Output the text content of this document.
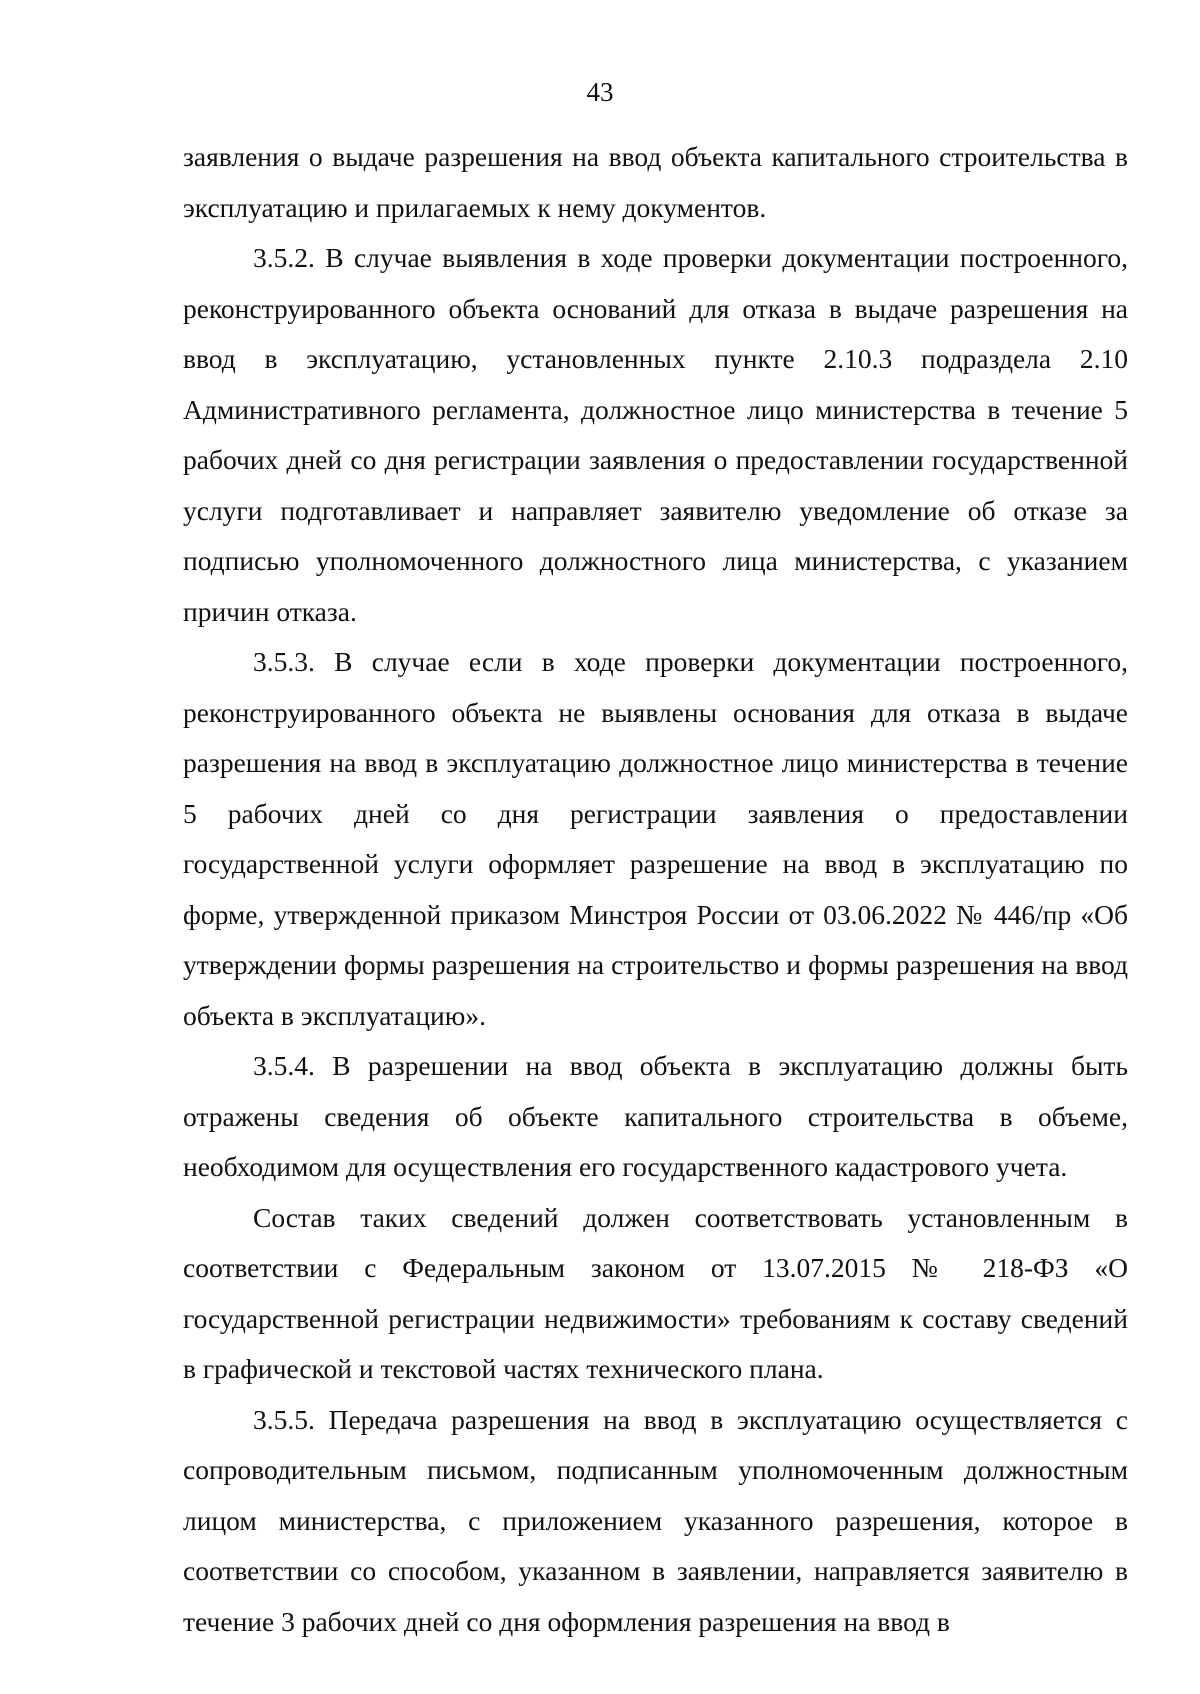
43

заявления о выдаче разрешения на ввод объекта капитального строительства в эксплуатацию и прилагаемых к нему документов.

3.5.2. В случае выявления в ходе проверки документации построенного, реконструированного объекта оснований для отказа в выдаче разрешения на ввод в эксплуатацию, установленных пункте 2.10.3 подраздела 2.10 Административного регламента, должностное лицо министерства в течение 5 рабочих дней со дня регистрации заявления о предоставлении государственной услуги подготавливает и направляет заявителю уведомление об отказе за подписью уполномоченного должностного лица министерства, с указанием причин отказа.

3.5.3. В случае если в ходе проверки документации построенного, реконструированного объекта не выявлены основания для отказа в выдаче разрешения на ввод в эксплуатацию должностное лицо министерства в течение 5 рабочих дней со дня регистрации заявления о предоставлении государственной услуги оформляет разрешение на ввод в эксплуатацию по форме, утвержденной приказом Минстроя России от 03.06.2022 № 446/пр «Об утверждении формы разрешения на строительство и формы разрешения на ввод объекта в эксплуатацию».

3.5.4. В разрешении на ввод объекта в эксплуатацию должны быть отражены сведения об объекте капитального строительства в объеме, необходимом для осуществления его государственного кадастрового учета.

Состав таких сведений должен соответствовать установленным в соответствии с Федеральным законом от 13.07.2015 № 218-ФЗ «О государственной регистрации недвижимости» требованиям к составу сведений в графической и текстовой частях технического плана.

3.5.5. Передача разрешения на ввод в эксплуатацию осуществляется с сопроводительным письмом, подписанным уполномоченным должностным лицом министерства, с приложением указанного разрешения, которое в соответствии со способом, указанном в заявлении, направляется заявителю в течение 3 рабочих дней со дня оформления разрешения на ввод в
